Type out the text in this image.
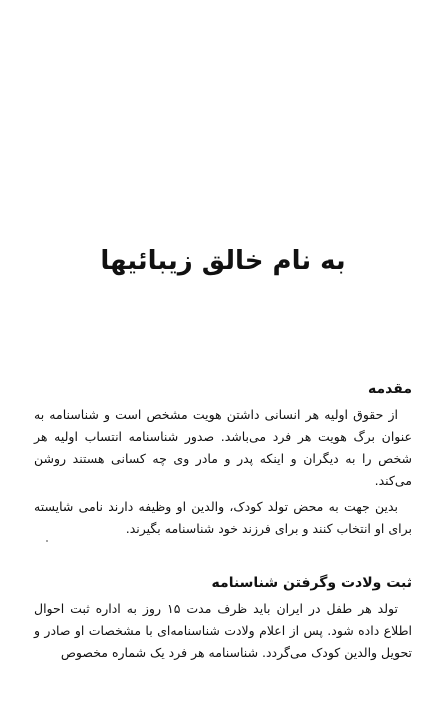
به نام خالق زیبائیها
مقدمه

از حقوق اولیه هر انسانی داشتن هویت مشخص است و شناسنامه به عنوان برگ هویت هر فرد می‌باشد. صدور شناسنامه انتساب اولیه هر شخص را به دیگران و اینکه پدر و مادر وی چه کسانی هستند روشن می‌کند.

بدین جهت به محض تولد کودک، والدین او وظیفه دارند نامی شایسته برای او انتخاب کنند و برای فرزند خود شناسنامه بگیرند.

ثبت ولادت وگرفتن شناسنامه

تولد هر طفل در ایران باید ظرف مدت ۱۵ روز به اداره ثبت احوال اطلاع داده شود. پس از اعلام ولادت شناسنامه‌ای با مشخصات او صادر و تحویل والدین کودک می‌گردد. شناسنامه هر فرد یک شماره مخصوص
